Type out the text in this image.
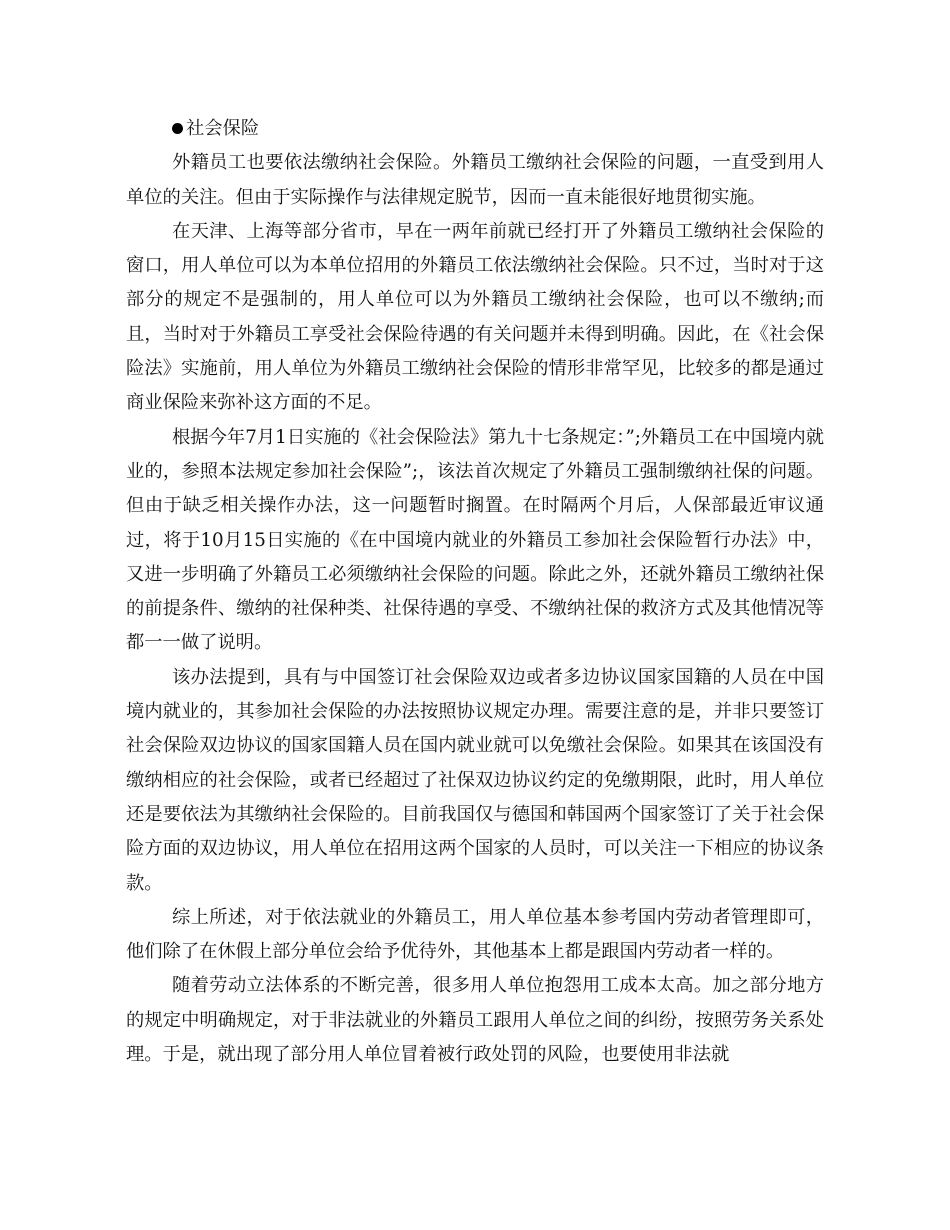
社会保险

外籍员工也要依法缴纳社会保险。外籍员工缴纳社会保险的问题，一直受到用人单位的关注。但由于实际操作与法律规定脱节，因而一直未能很好地贯彻实施。

在天津、上海等部分省市，早在一两年前就已经打开了外籍员工缴纳社会保险的窗口，用人单位可以为本单位招用的外籍员工依法缴纳社会保险。只不过，当时对于这部分的规定不是强制的，用人单位可以为外籍员工缴纳社会保险，也可以不缴纳;而且，当时对于外籍员工享受社会保险待遇的有关问题并未得到明确。因此，在《社会保险法》实施前，用人单位为外籍员工缴纳社会保险的情形非常罕见，比较多的都是通过商业保险来弥补这方面的不足。

根据今年7月1日实施的《社会保险法》第九十七条规定：”;外籍员工在中国境内就业的，参照本法规定参加社会保险”;，该法首次规定了外籍员工强制缴纳社保的问题。但由于缺乏相关操作办法，这一问题暂时搁置。在时隔两个月后，人保部最近审议通过，将于10月15日实施的《在中国境内就业的外籍员工参加社会保险暂行办法》中，又进一步明确了外籍员工必须缴纳社会保险的问题。除此之外，还就外籍员工缴纳社保的前提条件、缴纳的社保种类、社保待遇的享受、不缴纳社保的救济方式及其他情况等都一一做了说明。

该办法提到，具有与中国签订社会保险双边或者多边协议国家国籍的人员在中国境内就业的，其参加社会保险的办法按照协议规定办理。需要注意的是，并非只要签订社会保险双边协议的国家国籍人员在国内就业就可以免缴社会保险。如果其在该国没有缴纳相应的社会保险，或者已经超过了社保双边协议约定的免缴期限，此时，用人单位还是要依法为其缴纳社会保险的。目前我国仅与德国和韩国两个国家签订了关于社会保险方面的双边协议，用人单位在招用这两个国家的人员时，可以关注一下相应的协议条款。

综上所述，对于依法就业的外籍员工，用人单位基本参考国内劳动者管理即可，他们除了在休假上部分单位会给予优待外，其他基本上都是跟国内劳动者一样的。

随着劳动立法体系的不断完善，很多用人单位抱怨用工成本太高。加之部分地方的规定中明确规定，对于非法就业的外籍员工跟用人单位之间的纠纷，按照劳务关系处理。于是，就出现了部分用人单位冒着被行政处罚的风险，也要使用非法就
